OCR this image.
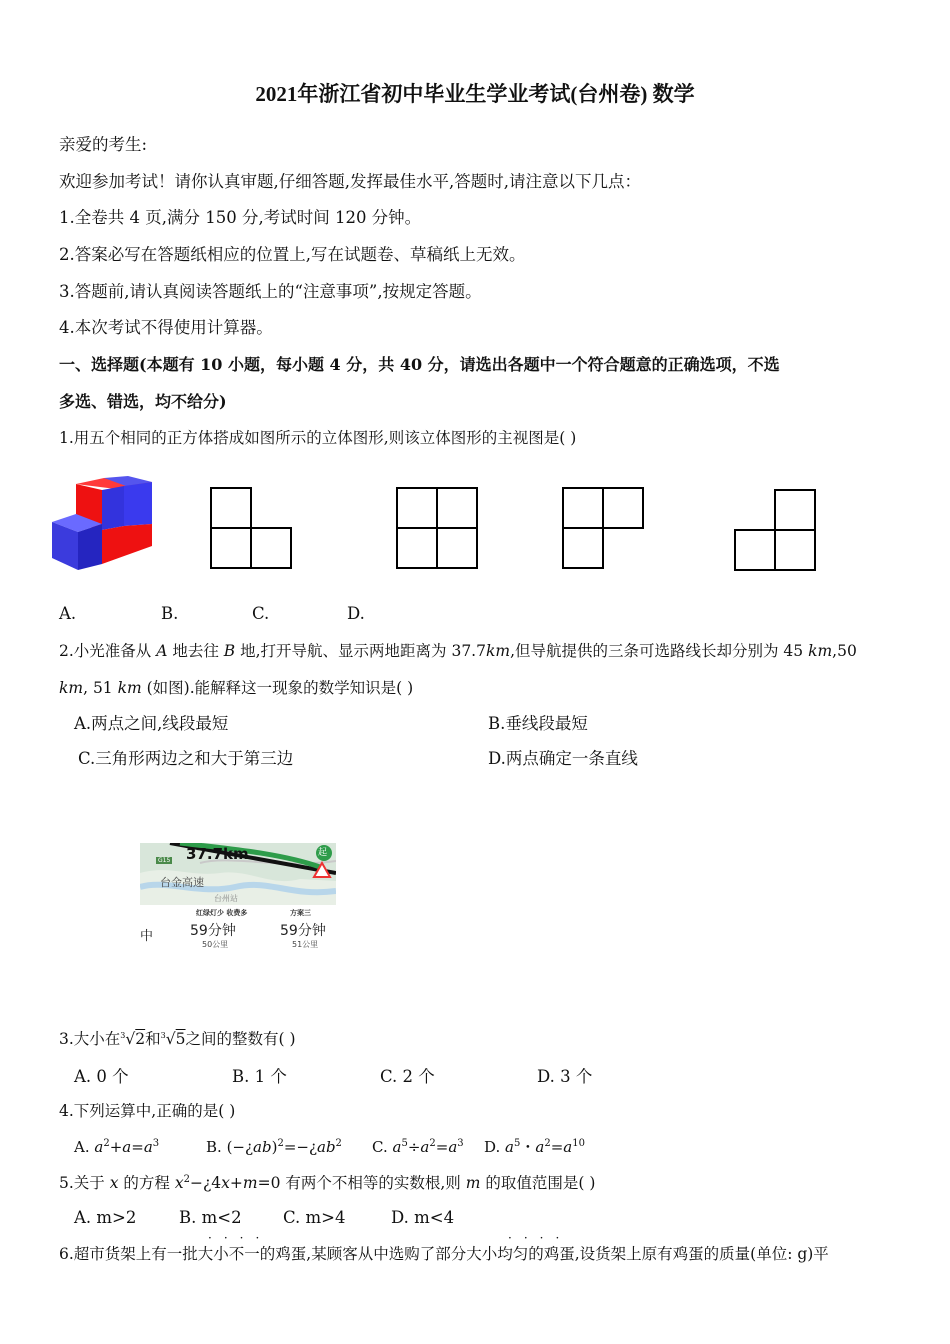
2021年浙江省初中毕业生学业考试(台州卷) 数学
亲爱的考生:
欢迎参加考试！请你认真审题,仔细答题,发挥最佳水平,答题时,请注意以下几点：
1.全卷共 4 页,满分 150 分,考试时间 120 分钟。
2.答案必写在答题纸相应的位置上,写在试题卷、草稿纸上无效。
3.答题前,请认真阅读答题纸上的“注意事项”,按规定答题。
4.本次考试不得使用计算器。
一、选择题(本题有 10 小题，每小题 4 分，共 40 分，请选出各题中一个符合题意的正确选项，不选
多选、错选，均不给分)
1.用五个相同的正方体搭成如图所示的立体图形,则该立体图形的主视图是( )
A.	B.	C.	D.
2.小光准备从 A 地去往 B 地,打开导航、显示两地距离为 37.7km,但导航提供的三条可选路线长却分别为 45 km,50
km, 51 km (如图).能解释这一现象的数学知识是( )
A.两点之间,线段最短	B.垂线段最短
C.三角形两边之和大于第三边	D.两点确定一条直线
37.7km	起
台金高速
G15
台州站
中
红绿灯少 收费多
59分钟
50公里
方案三
59分钟
51公里
3.大小在$^3$√2和$^3$√5之间的整数有( )
A. 0 个	B. 1 个	C. 2 个	D. 3 个
4.下列运算中,正确的是( )
A. $a^2+a=a^3$	B. $(-¿ab)^2=-¿ab^2$ C. $a^5\div a^2=a^3$ D. $a^5$・$a^2=a^{10}$
5.关于 x 的方程 $x^2-¿4x+m=0$ 有两个不相等的实数根,则 m 的取值范围是( )
A. m>2	B. m<2	C. m>4	D. m<4
····	····
6.超市货架上有一批大小不一的鸡蛋,某顾客从中选购了部分大小均匀的鸡蛋,设货架上原有鸡蛋的质量(单位: g)平
